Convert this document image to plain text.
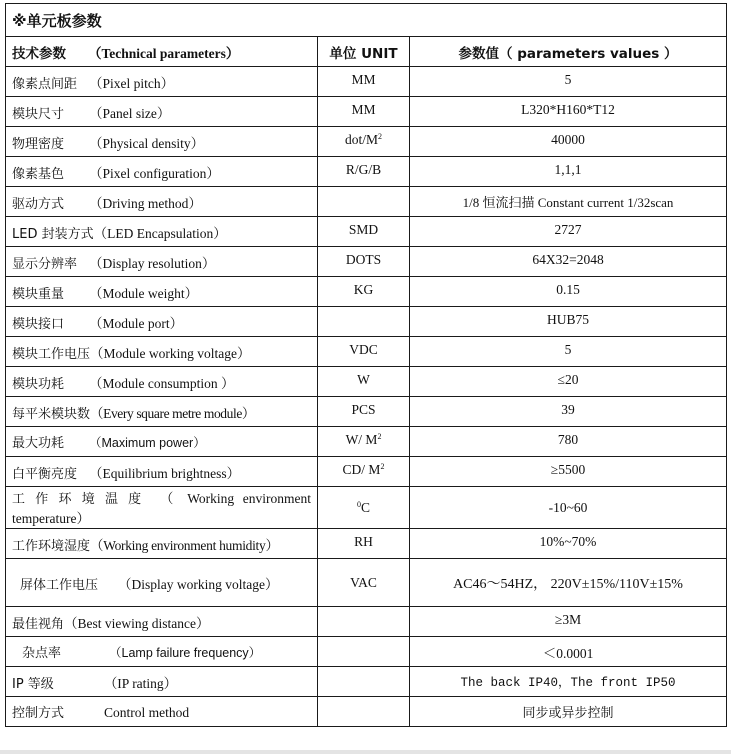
※单元板参数		
技术参数 （Technical parameters）	单位 UNIT	参数值（ parameters values ）
像素点间距 （Pixel pitch）	MM	5
模块尺寸 （Panel size）	MM	L320*H160*T12
物理密度 （Physical density）	dot/$M^2$	40000
像素基色 （Pixel configuration）	R/G/B	1,1,1
驱动方式 （Driving method）		1/8 恒流扫描 Constant current 1/32scan
LED 封装方式（LED Encapsulation）	SMD	2727
显示分辨率 （Display resolution）	DOTS	64X32=2048
模块重量 （Module weight）	KG	0.15
模块接口 （Module port）		HUB75
模块工作电压（Module working voltage）	VDC	5
模块功耗 （Module consumption ）	W	≤20
每平米模块数（Every square metre module）	PCS	39
最大功耗 （Maximum power）	W/ $M^2$	780
白平衡亮度 （Equilibrium brightness）	CD/ $M^2$	≥5500
工作环境温度 （ Working environment temperature）	$^0$C	-10~60
工作环境湿度（Working environment humidity）	RH	10%~70%
屏体工作电压 （Display working voltage）	VAC	AC46～54HZ， 220V±15%/110V±15%
最佳视角（Best viewing distance）		≥3M
杂点率 （Lamp failure frequency）		＜0.0001
IP 等级 （IP rating）		The back IP40，The front IP50
控制方式 Control method		同步或异步控制
